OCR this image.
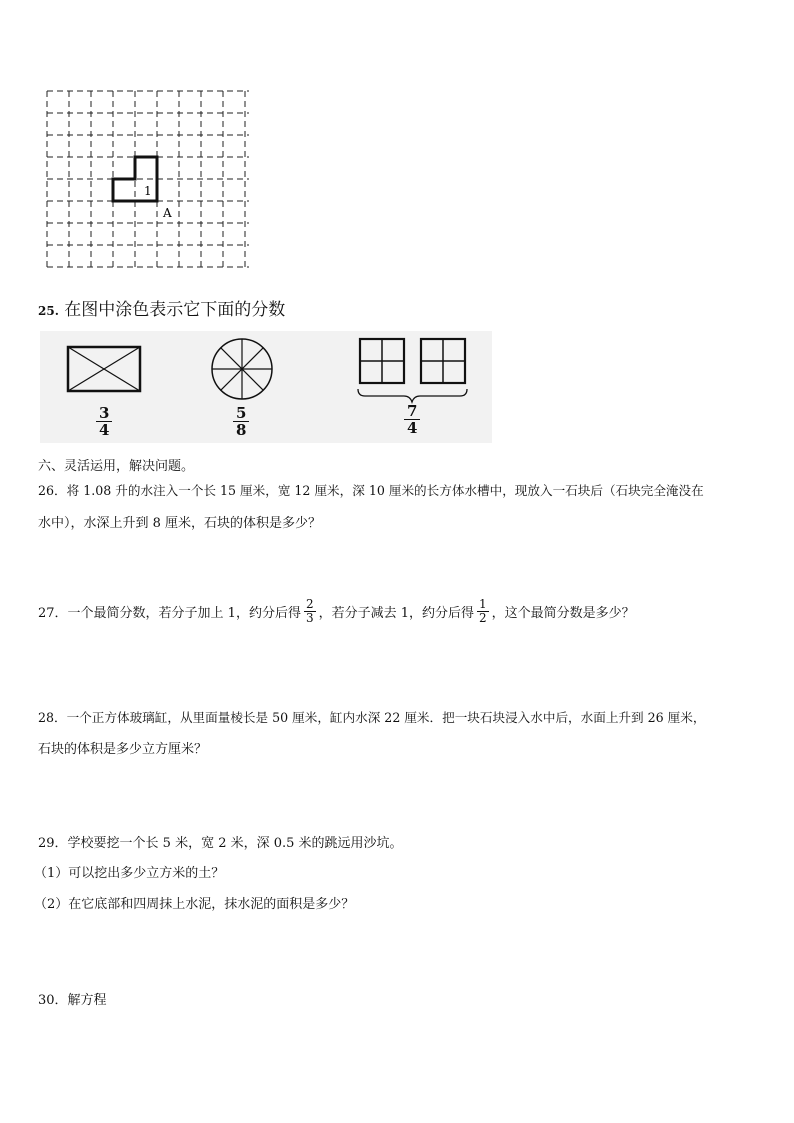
1
A
25. 在图中涂色表示它下面的分数
3
4
5
8
7
4
六、灵活运用，解决问题。
26．将 1.08 升的水注入一个长 15 厘米，宽 12 厘米，深 10 厘米的长方体水槽中，现放入一石块后（石块完全淹没在
水中），水深上升到 8 厘米，石块的体积是多少？
27．一个最简分数，若分子加上 1，约分后得 $\frac{2}{3}$ ，若分子减去 1，约分后得 $\frac{1}{2}$ ，这个最简分数是多少？
28．一个正方体玻璃缸，从里面量棱长是 50 厘米，缸内水深 22 厘米．把一块石块浸入水中后，水面上升到 26 厘米，
石块的体积是多少立方厘米？
29．学校要挖一个长 5 米，宽 2 米，深 0.5 米的跳远用沙坑。
（1）可以挖出多少立方米的土？
（2）在它底部和四周抹上水泥，抹水泥的面积是多少？
30．解方程
